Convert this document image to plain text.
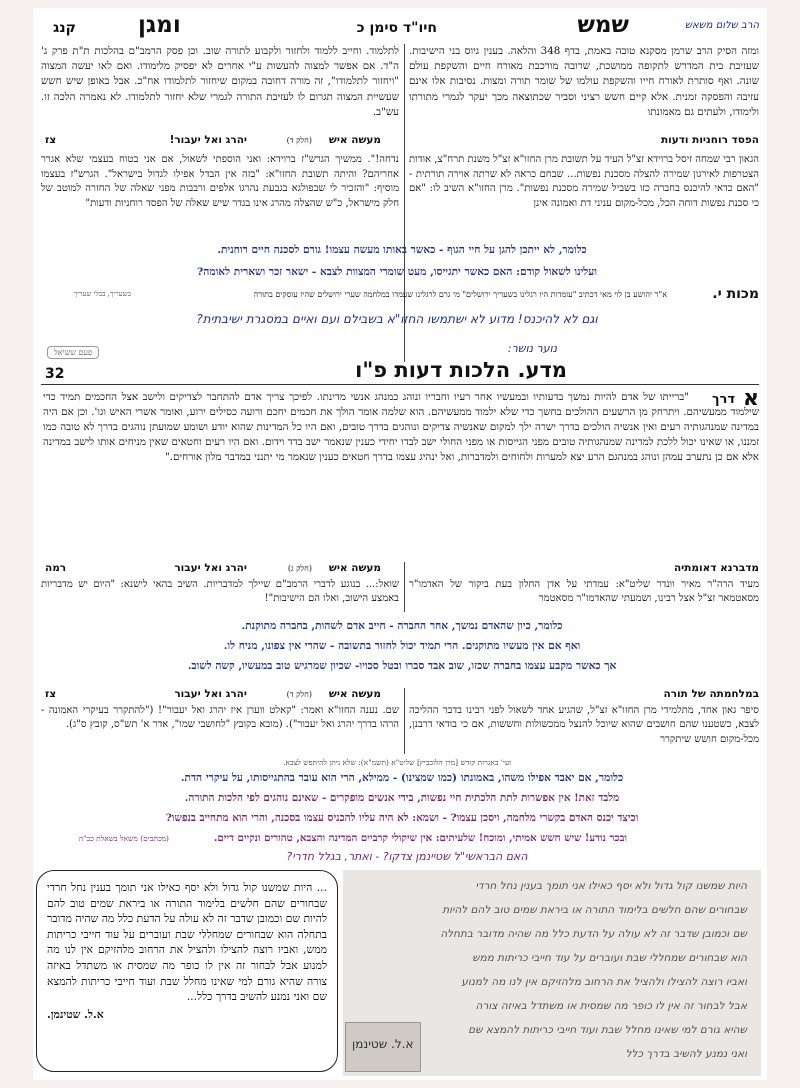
שמש
חיו"ד סימן כ
ומגן
קנג	הרב שלום משאש

ומזה הסיק הרב שרמן מסקנא טובה באמת, בדף 348 והלאה. בענין גיוס בני הישיבות. שעזיבת בית המדרש לתקופה ממושכת, שרובה מורכבת מאורח חיים והשקפת עולם שונה. ואף סותרת לאורח חייו והשקפת עולמו של שומר תורה ומצות. נסיבות אלו אינם עזיבה והפסקה זמנית. אלא קיים חשש רציני וסביר שכתוצאה מכך יעקר לגמרי מתורתו ולימודו, ולעתים גם מאמונתו

לתלמוד. וחייב ללמוד ולחזור ולקבוע לתורה שוב. וכן פסק הרמב"ם בהלכות ת"ת פרק ג' ה"ד. אם אפשר למצוה להעשות ע"י אחרים לא יפסיק מלימודו. ואם לאו יעשה המצוה "ויחזור לתלמודו", זה מורה דחובה במקום שיחזור לתלמודו אח"כ. אבל באופן שיש חשש שעשיית המצוה תגרום לו לעזיבת התורה לגמרי שלא יחזור לתלמודו. לא נאמרה הלכה זו. עש"ב.

הפסד רוחניות ודעות
מעשה איש
(חלק ד)
יהרג ואל יעבור!
צז

הגאון רבי שמחה זיסל ברוידא זצ"ל העיד על תשובת מרן החזו"א זצ"ל משנת תרח"צ, אודות הצטרפות לאירגון שמירה להצלה מסכנת נפשות... שבחם כראה לא שרתה אוירה תורתית - "האם כדאי להיכנס בחברה כזו בשביל שמירה מסכנת נפשות". מרן החזו"א השיב לו: "אם כי סכנת נפשות דוחה הכל, מכל-מקום עניני דת ואמונה אינן

נדחה!". ממשיך הגרש"ז ברוידא: ואני הוספתי לשאול, אם אני בטוח בעצמי שלא אגרר אחריהם? והיתה תשובת החזו"א: "בזה אין הבדל אפילו לגדול בישראל". הגרש"ז בעצמו מוסיף: "והזכיר לי שבפולגא בגבעת נהרגו אלפים ורבבות מפני שאלה של החזרה למוטב של חלק מישראל, כ"ש שהצלה מהרג אינו בגדר שיש שאלה של הפסד רוחניות ודעות"

כלומר, לא ייתכן להגן על חיי הגוף - כאשר באותו מעשה עצמו! גורם לסכנה חיים רוחנית.
ועלינו לשאול קודם: האם כאשר יתגייסו, מעט שומרי המצוות לצבא - ישאר זכר ושארית לאומה?
מכות י.
א"ר יהושע בן לוי מאי דכתיב "עומדות היו רגלינו בשעריך ירושלים" מי גרם לרגלינו שעמדו במלחמה שערי ירושלים שהיו עוסקים בתורה
בשעריך, בבלי שעריך
וגם לא להיכנס! מדוע לא ישתמשו החזו"א בשבילם ועם ואיים במסגרת ישיבתית?
נוער נושר:
פעם ששיאל
מדע. הלכות דעות פ"ו
32
א
דרך

"ברייתו של אדם להיות נמשך בדעותיו ובמעשיו אחר רעיו וחבריו ונוהג כמנהג אנשי מדינתו. לפיכך צריך אדם להתחבר לצדיקים ולישב אצל החכמים תמיד כדי שילמוד ממעשיהם. ויתרחק מן הרשעים ההולכים בחשך כדי שלא ילמוד ממעשיהם. הוא שלמה אומר הולך את חכמים יחכם ורועה כסילים ירוע, ואומר אשרי האיש וגו'. וכן אם היה במדינה שמנהגותיה רעים ואין אנשיה הולכים בדרך ישרה ילך למקום שאנשיה צדיקים ונוהגים בדרך טובים, ואם היו כל המדינות שהוא יודע ושומע שמועתן נוהגים בדרך לא טובה כמו זמננו, או שאינו יכול ללכת למדינה שמנהגותיה טובים מפני הגייסות או מפני החולי ישב לבדו יחידי כענין שנאמר ישב בדד וידום. ואם היו רעים וחטאים שאין מניחים אותו לישב במדינה אלא אם כן נתערב עמהן ונוהג במנהגם הרע יצא למערות ולחוחים ולמדברות, ואל ינהיג עצמו בדרך חטאים כענין שנאמר מי יתנני במדבר מלון אורחים."

מדברנא דאומתיה
מעשה איש
(חלק ג)
יהרג ואל יעבור
רמה

מעיד הרה"ר מאיר וונדר שליט"א: עמדתי על אדן החלון בעת ביקור של האדמו"ר מסאטמאר זצ"ל אצל רבינו, ושמעתי שהאדמו"ר מסאטמר

שואל:... בנוגע לדברי הרמב"ם שיילך למדבריות. השיב בהאי לישנא: "היום יש מדבריות באמצע הישוב, ואלו הם הישיבות"!

כלומר, כיון שהאדם נמשך, אחר החברה - חייב אדם לשהות, בחברה מתוקנת.
ואף אם אין מעשיו מתוקנים. הרי תמיד יכול לחזור בתשובה - שהרי אין צפונו, מניח לו.
אך כאשר מקבע עצמו בחברה שכזו, שוב אבד סברו ובטל סכויו- שכיון שמרגיש טוב במעשיו, קשה לשוב.
במלחמתה של תורה
מעשה איש
(חלק ד)
יהרג ואל יעבור
צז

סיפר גאון אחד, מתלמידי מרן החזו"א זצ"ל, שהגיע אחד לשאול לפני רבינו בדבר ההליכה לצבא, כשטענו שהם חושבים שהוא שיוכל להנצל ממכשולות וחששות, אם כי בודאי דרבנן, מכל-מקום חושש שיתקרר

שם. נענה החזו"א ואמר: "קאלט ווערן איז יהרג ואל יעבור"! ("להתקרר בעיקרי האמונה - הרהו בדרך יהרג ואל יעבור"). (מובא בקובץ "לחושבי שמו", אדר א' תש"ס, קובץ ס"ג).

ועי' באגרות קודש [מרן הלובביץ] שליט"א (תשמ"א): שלא ניתן להיתפש לצבא.
כלומר, אם יאבד אפילו משהו, באמונתו (כמו שמצינו) - ממילא, הרי הוא עובר בהתגייסותו, על עיקרי הדת.
מלבד זאת! אין אפשרות לתת הלכתית חיי נפשות, בידי אנשים מופקרים - שאינם נוהגים לפי הלכות התורה.
וכיצד יכנס האדם בקשרי מלחמה, ויסכן עצמו? - ושמא: לא היה עליו להכניס עצמו בסכנה, והרי הוא מתחייב בנפשו?
ובכר נודע! שיש חשש אמיתי, ומוכח! שלעיתים: אין שיקולי קרביים המדינה והצבא, טהורים ונקיים דיים.
(מכתבים) משאל בשאלת כב"ה
האם הבראשי"ל שטיינמן צדקו? - ואתר, בגלל חדרי?
... היות שמשנו קול גדול ולא יסף כאילו אני תומך בענין נחל חרדי שבחורים שהם חלשים בלימוד התורה או ביראת שמים טוב להם להיות שם וכמובן שדבר זה לא עולה על הדעת כלל מה שהיה מדובר בתחלה הוא שבחורים שמחללי שבת ועוברים על עוד חייבי כריתות ממש, ואביו רוצה להצילו ולהציל את הרחוב מלהזיקם אין לנו מה למנוע אבל לבחור זה אין לו כופר מה שמסית או משתדל באיזה צורה שהיא גורם למי שאינו מחלל שבת ועוד חייבי כריתות להמצא שם ואני נמנע להשיב בדרך כלל...
א.ל. שטינמן.
היות שמשנו קול גדול ולא יסף כאילו אני תומך בענין נחל חרדי
שבחורים שהם חלשים בלימוד התורה או ביראת שמים טוב להם להיות
שם וכמובן שדבר זה לא עולה על הדעת כלל מה שהיה מדובר בתחלה
הוא שבחורים שמחללי שבת ועוברים על עוד חייבי כריתות ממש
ואביו רוצה להצילו ולהציל את הרחוב מלהזיקם אין לנו מה למנוע
אבל לבחור זה אין לו כופר מה שמסית או משתדל באיזה צורה
שהיא גורם למי שאינו מחלל שבת ועוד חייבי כריתות להמצא שם
ואני נמנע להשיב בדרך כלל
א.ל. שטינמן
